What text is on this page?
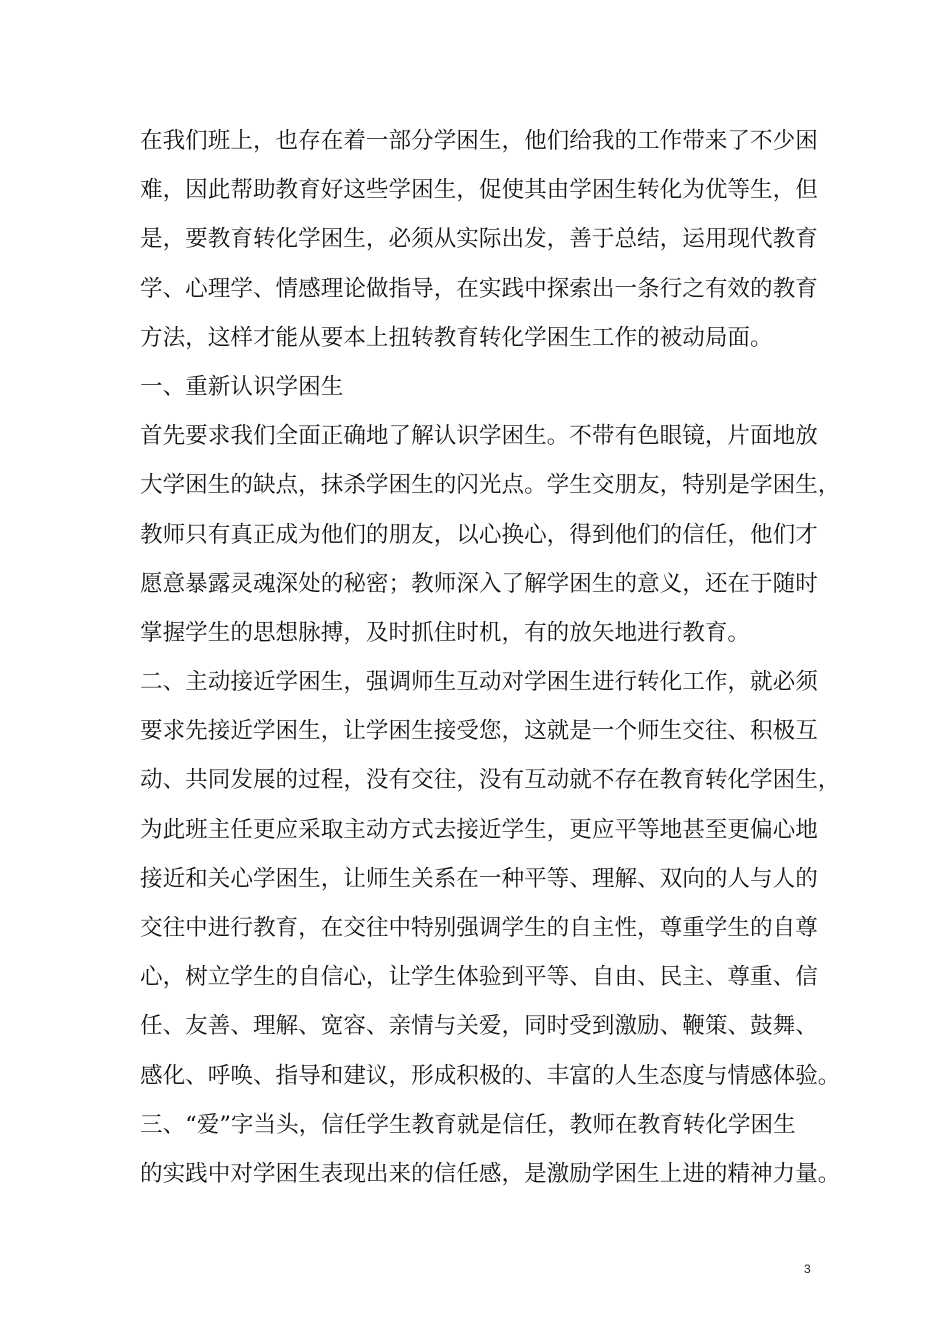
在我们班上，也存在着一部分学困生，他们给我的工作带来了不少困
难，因此帮助教育好这些学困生，促使其由学困生转化为优等生，但
是，要教育转化学困生，必须从实际出发，善于总结，运用现代教育
学、心理学、情感理论做指导，在实践中探索出一条行之有效的教育
方法，这样才能从要本上扭转教育转化学困生工作的被动局面。
一、重新认识学困生
首先要求我们全面正确地了解认识学困生。不带有色眼镜，片面地放
大学困生的缺点，抹杀学困生的闪光点。学生交朋友，特别是学困生，
教师只有真正成为他们的朋友，以心换心，得到他们的信任，他们才
愿意暴露灵魂深处的秘密；教师深入了解学困生的意义，还在于随时
掌握学生的思想脉搏，及时抓住时机，有的放矢地进行教育。
二、主动接近学困生，强调师生互动对学困生进行转化工作，就必须
要求先接近学困生，让学困生接受您，这就是一个师生交往、积极互
动、共同发展的过程，没有交往，没有互动就不存在教育转化学困生，
为此班主任更应采取主动方式去接近学生，更应平等地甚至更偏心地
接近和关心学困生，让师生关系在一种平等、理解、双向的人与人的
交往中进行教育，在交往中特别强调学生的自主性，尊重学生的自尊
心，树立学生的自信心，让学生体验到平等、自由、民主、尊重、信
任、友善、理解、宽容、亲情与关爱，同时受到激励、鞭策、鼓舞、
感化、呼唤、指导和建议，形成积极的、丰富的人生态度与情感体验。
三、“爱”字当头，信任学生教育就是信任，教师在教育转化学困生
的实践中对学困生表现出来的信任感，是激励学困生上进的精神力量。
3
